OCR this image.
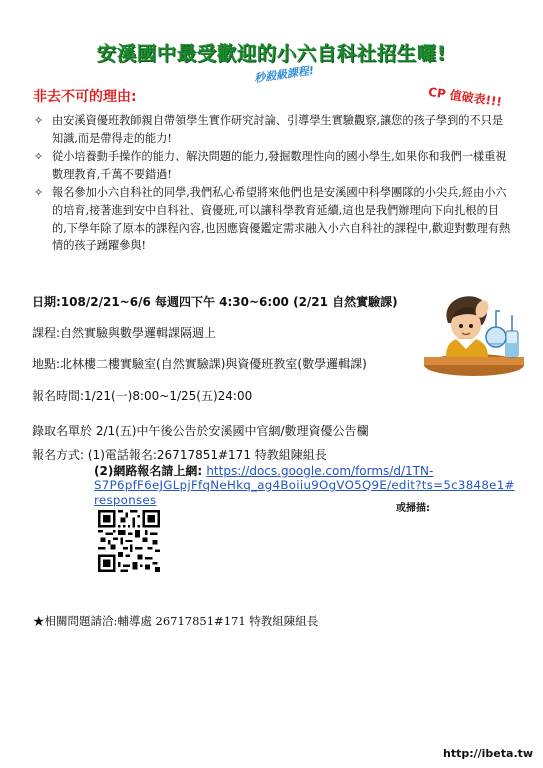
安溪國中最受歡迎的小六自科社招生囉!
秒殺級課程!
CP 值破表!!!
非去不可的理由:
✧ 由安溪資優班教師親自帶領學生實作研究討論、引導學生實驗觀察,讓您的孩子學到的不只是知識,而是帶得走的能力!
✧ 從小培養動手操作的能力、解決問題的能力,發掘數理性向的國小學生,如果你和我們一樣重視數理教育,千萬不要錯過!
✧ 報名參加小六自科社的同學,我們私心希望將來他們也是安溪國中科學團隊的小尖兵,經由小六的培育,接著進到安中自科社、資優班,可以讓科學教育延續,這也是我們辦理向下向扎根的目的,下學年除了原本的課程內容,也因應資優鑑定需求融入小六自科社的課程中,歡迎對數理有熱情的孩子踴躍參與!
日期:108/2/21~6/6 每週四下午 4:30~6:00 (2/21 自然實驗課)
課程:自然實驗與數學邏輯課隔週上
地點:北林樓二樓實驗室(自然實驗課)與資優班教室(數學邏輯課)
報名時間:1/21(一)8:00~1/25(五)24:00
錄取名單於 2/1(五)中午後公告於安溪國中官網/數理資優公告欄
報名方式: (1)電話報名:26717851#171 特教組陳組長
(2)網路報名請上網: https://docs.google.com/forms/d/1TN-
S7P6pfF6eJGLpjFfqNeHkq_ag4Boiiu9OgVO5Q9E/edit?ts=5c3848e1#
responses
或掃描:
★相關問題請洽:輔導處 26717851#171 特教組陳組長
http://ibeta.tw
